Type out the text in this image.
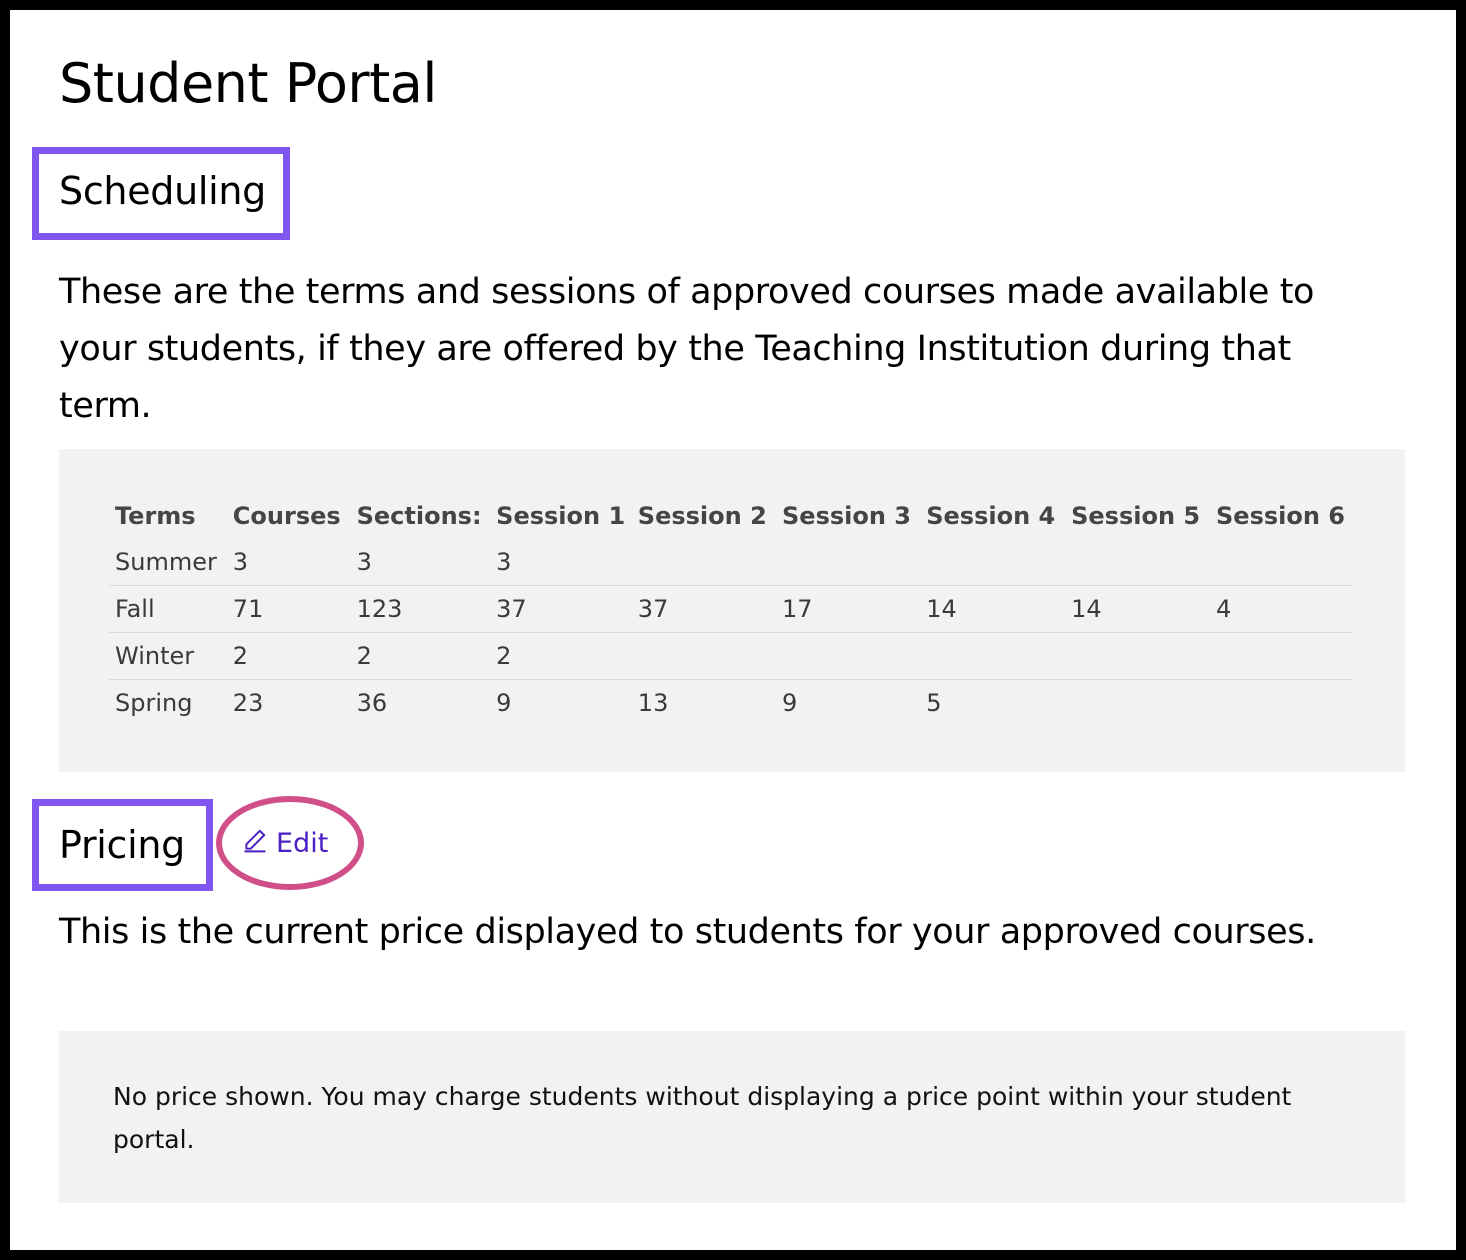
Student Portal
Scheduling

These are the terms and sessions of approved courses made available to your students, if they are offered by the Teaching Institution during that term.

Terms	Courses	Sections:	Session 1	Session 2	Session 3	Session 4	Session 5	Session 6
Summer	3	3	3					
Fall	71	123	37	37	17	14	14	4
Winter	2	2	2					
Spring	23	36	9	13	9	5		
Pricing	Edit

This is the current price displayed to students for your approved courses.

No price shown. You may charge students without displaying a price point within your student portal.
